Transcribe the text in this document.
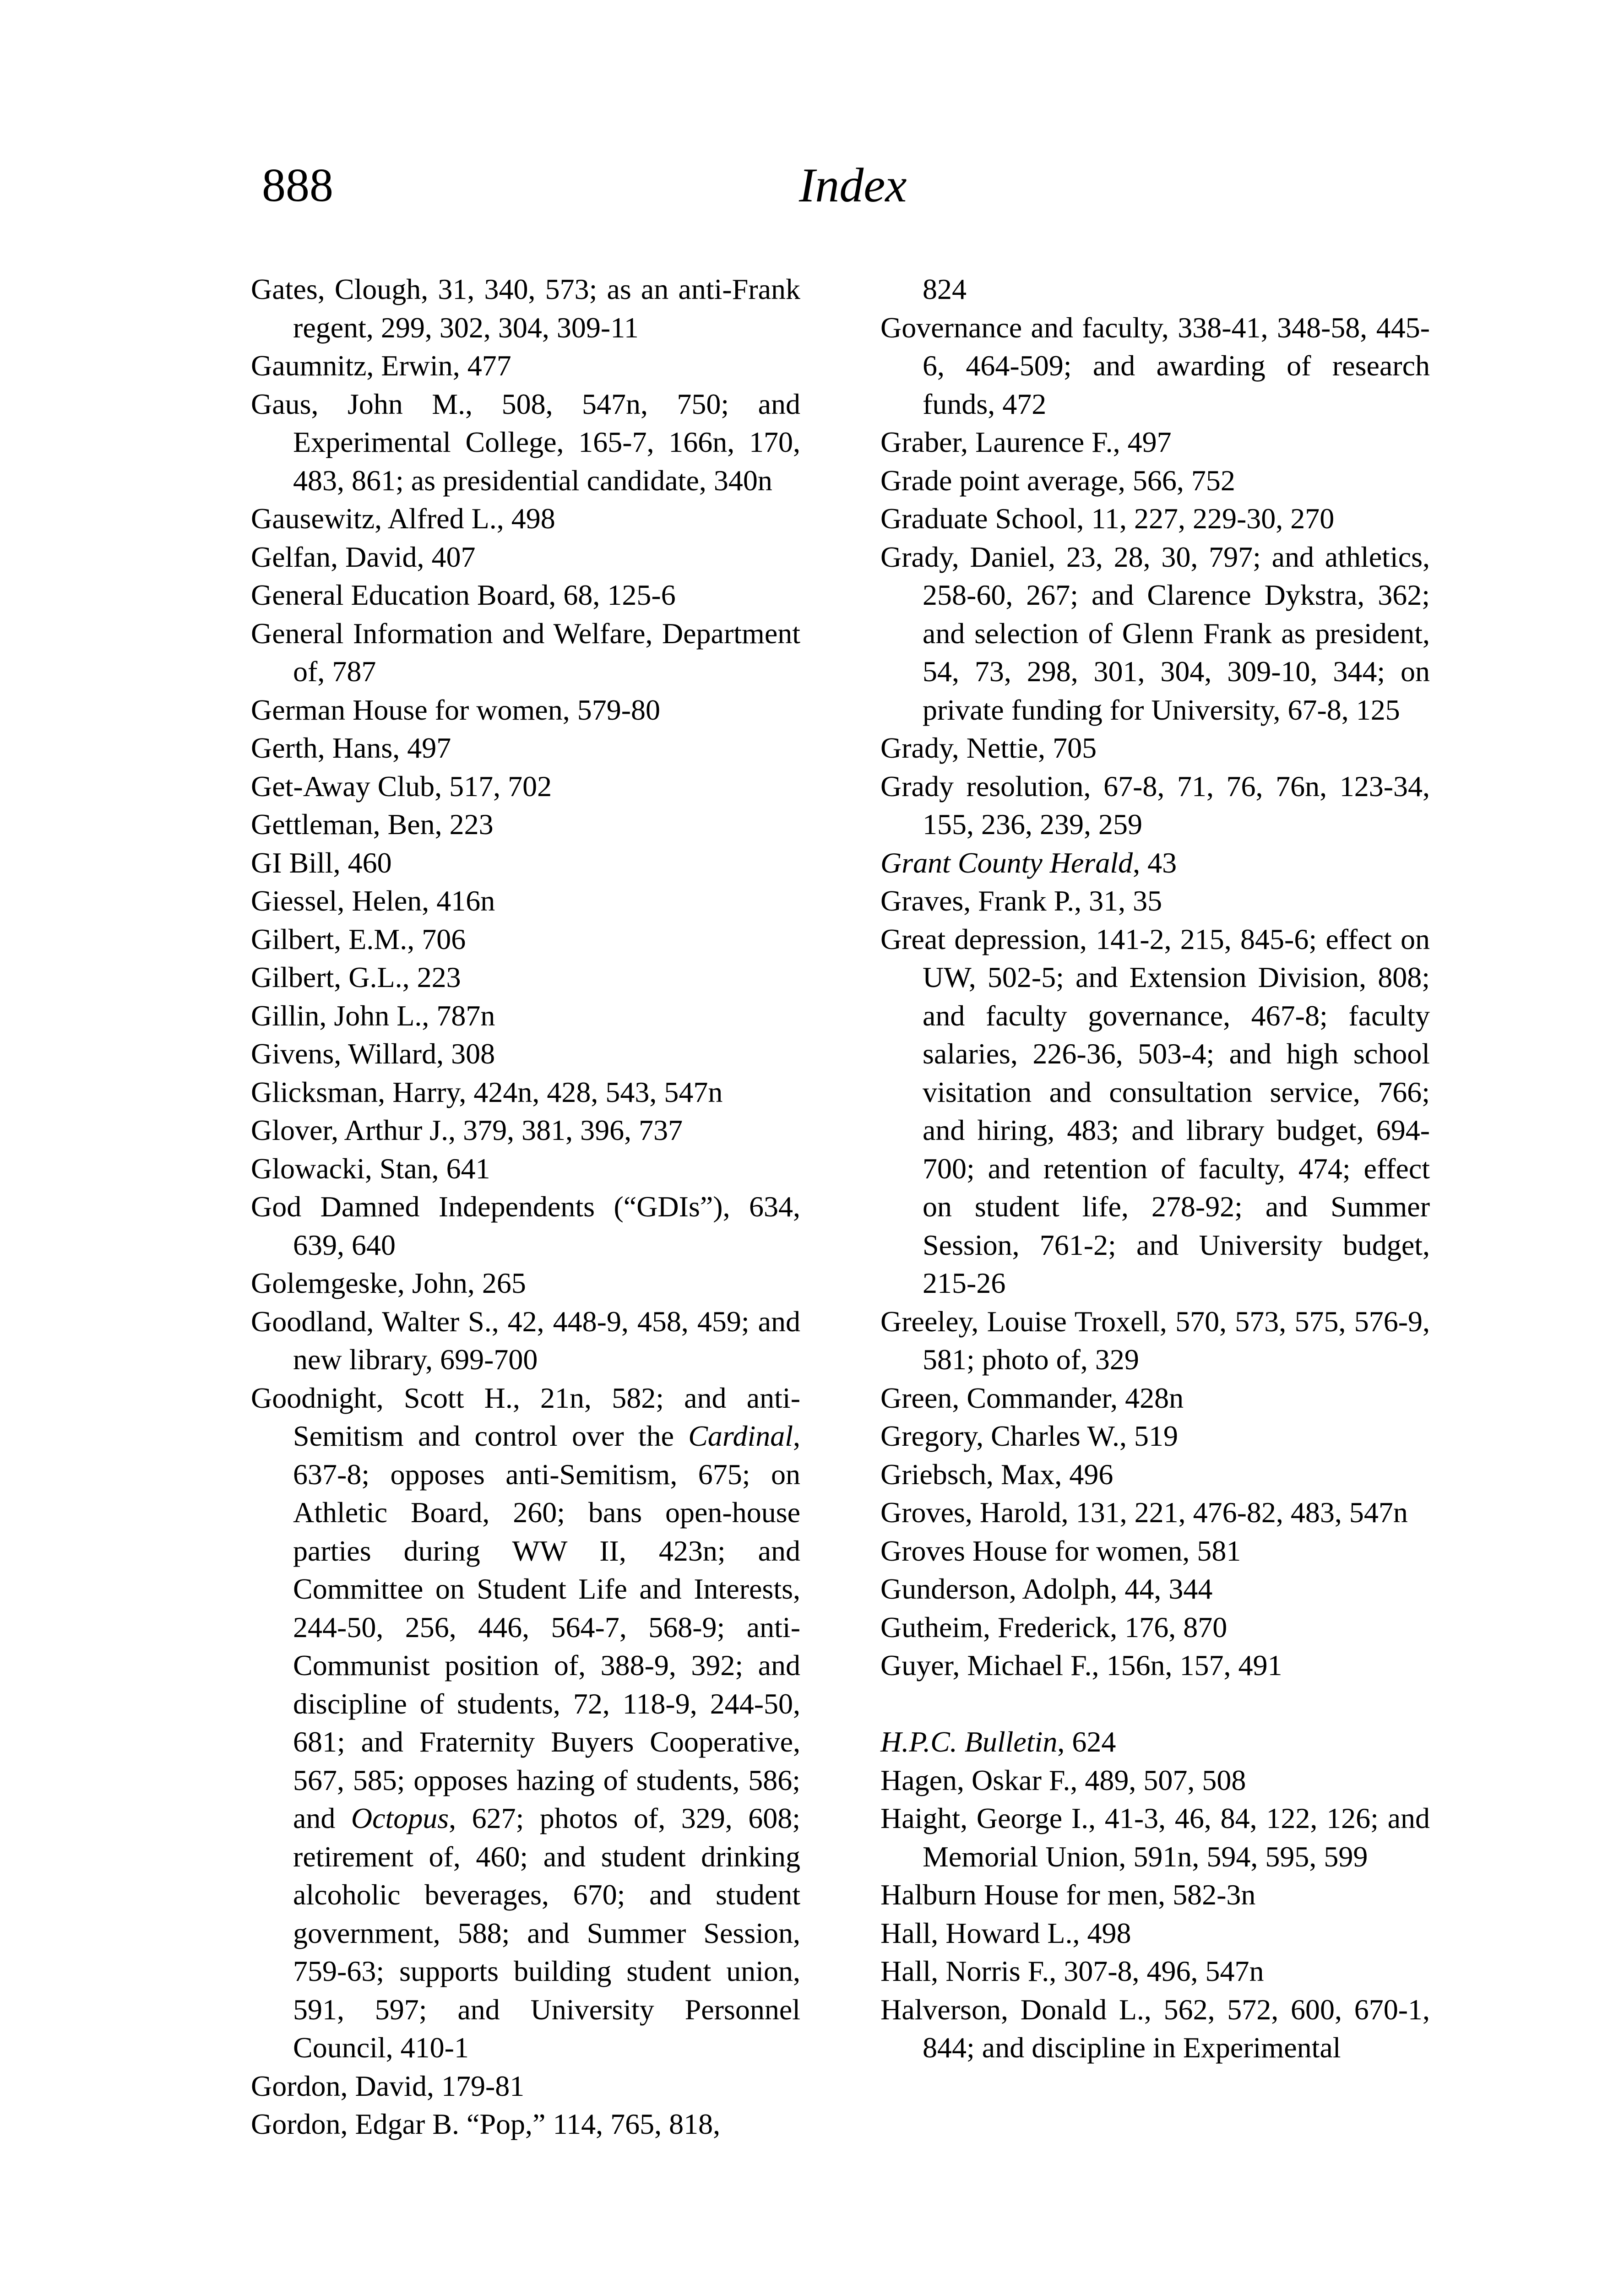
888	Index

Gates, Clough, 31, 340, 573; as an anti-Frank regent, 299, 302, 304, 309-11

Gaumnitz, Erwin, 477

Gaus, John M., 508, 547n, 750; and Experimental College, 165-7, 166n, 170, 483, 861; as presidential candidate, 340n

Gausewitz, Alfred L., 498

Gelfan, David, 407

General Education Board, 68, 125-6

General Information and Welfare, Department of, 787

German House for women, 579-80

Gerth, Hans, 497

Get-Away Club, 517, 702

Gettleman, Ben, 223

GI Bill, 460

Giessel, Helen, 416n

Gilbert, E.M., 706

Gilbert, G.L., 223

Gillin, John L., 787n

Givens, Willard, 308

Glicksman, Harry, 424n, 428, 543, 547n

Glover, Arthur J., 379, 381, 396, 737

Glowacki, Stan, 641

God Damned Independents (“GDIs”), 634, 639, 640

Golemgeske, John, 265

Goodland, Walter S., 42, 448-9, 458, 459; and new library, 699-700

Goodnight, Scott H., 21n, 582; and anti-Semitism and control over the Cardinal, 637-8; opposes anti-Semitism, 675; on Athletic Board, 260; bans open-house parties during WW II, 423n; and Committee on Student Life and Interests, 244-50, 256, 446, 564-7, 568-9; anti-Communist position of, 388-9, 392; and discipline of students, 72, 118-9, 244-50, 681; and Fraternity Buyers Cooperative, 567, 585; opposes hazing of students, 586; and Octopus, 627; photos of, 329, 608; retirement of, 460; and student drinking alcoholic beverages, 670; and student government, 588; and Summer Session, 759-63; supports building student union, 591, 597; and University Personnel Council, 410-1

Gordon, David, 179-81

Gordon, Edgar B. “Pop,” 114, 765, 818,

824

Governance and faculty, 338-41, 348-58, 445-6, 464-509; and awarding of research funds, 472

Graber, Laurence F., 497

Grade point average, 566, 752

Graduate School, 11, 227, 229-30, 270

Grady, Daniel, 23, 28, 30, 797; and athletics, 258-60, 267; and Clarence Dykstra, 362; and selection of Glenn Frank as president, 54, 73, 298, 301, 304, 309-10, 344; on private funding for University, 67-8, 125

Grady, Nettie, 705

Grady resolution, 67-8, 71, 76, 76n, 123-34, 155, 236, 239, 259

Grant County Herald, 43

Graves, Frank P., 31, 35

Great depression, 141-2, 215, 845-6; effect on UW, 502-5; and Extension Division, 808; and faculty governance, 467-8; faculty salaries, 226-36, 503-4; and high school visitation and consultation service, 766; and hiring, 483; and library budget, 694-700; and retention of faculty, 474; effect on student life, 278-92; and Summer Session, 761-2; and University budget, 215-26

Greeley, Louise Troxell, 570, 573, 575, 576-9, 581; photo of, 329

Green, Commander, 428n

Gregory, Charles W., 519

Griebsch, Max, 496

Groves, Harold, 131, 221, 476-82, 483, 547n

Groves House for women, 581

Gunderson, Adolph, 44, 344

Gutheim, Frederick, 176, 870

Guyer, Michael F., 156n, 157, 491

H.P.C. Bulletin, 624

Hagen, Oskar F., 489, 507, 508

Haight, George I., 41-3, 46, 84, 122, 126; and Memorial Union, 591n, 594, 595, 599

Halburn House for men, 582-3n

Hall, Howard L., 498

Hall, Norris F., 307-8, 496, 547n

Halverson, Donald L., 562, 572, 600, 670-1, 844; and discipline in Experimental
